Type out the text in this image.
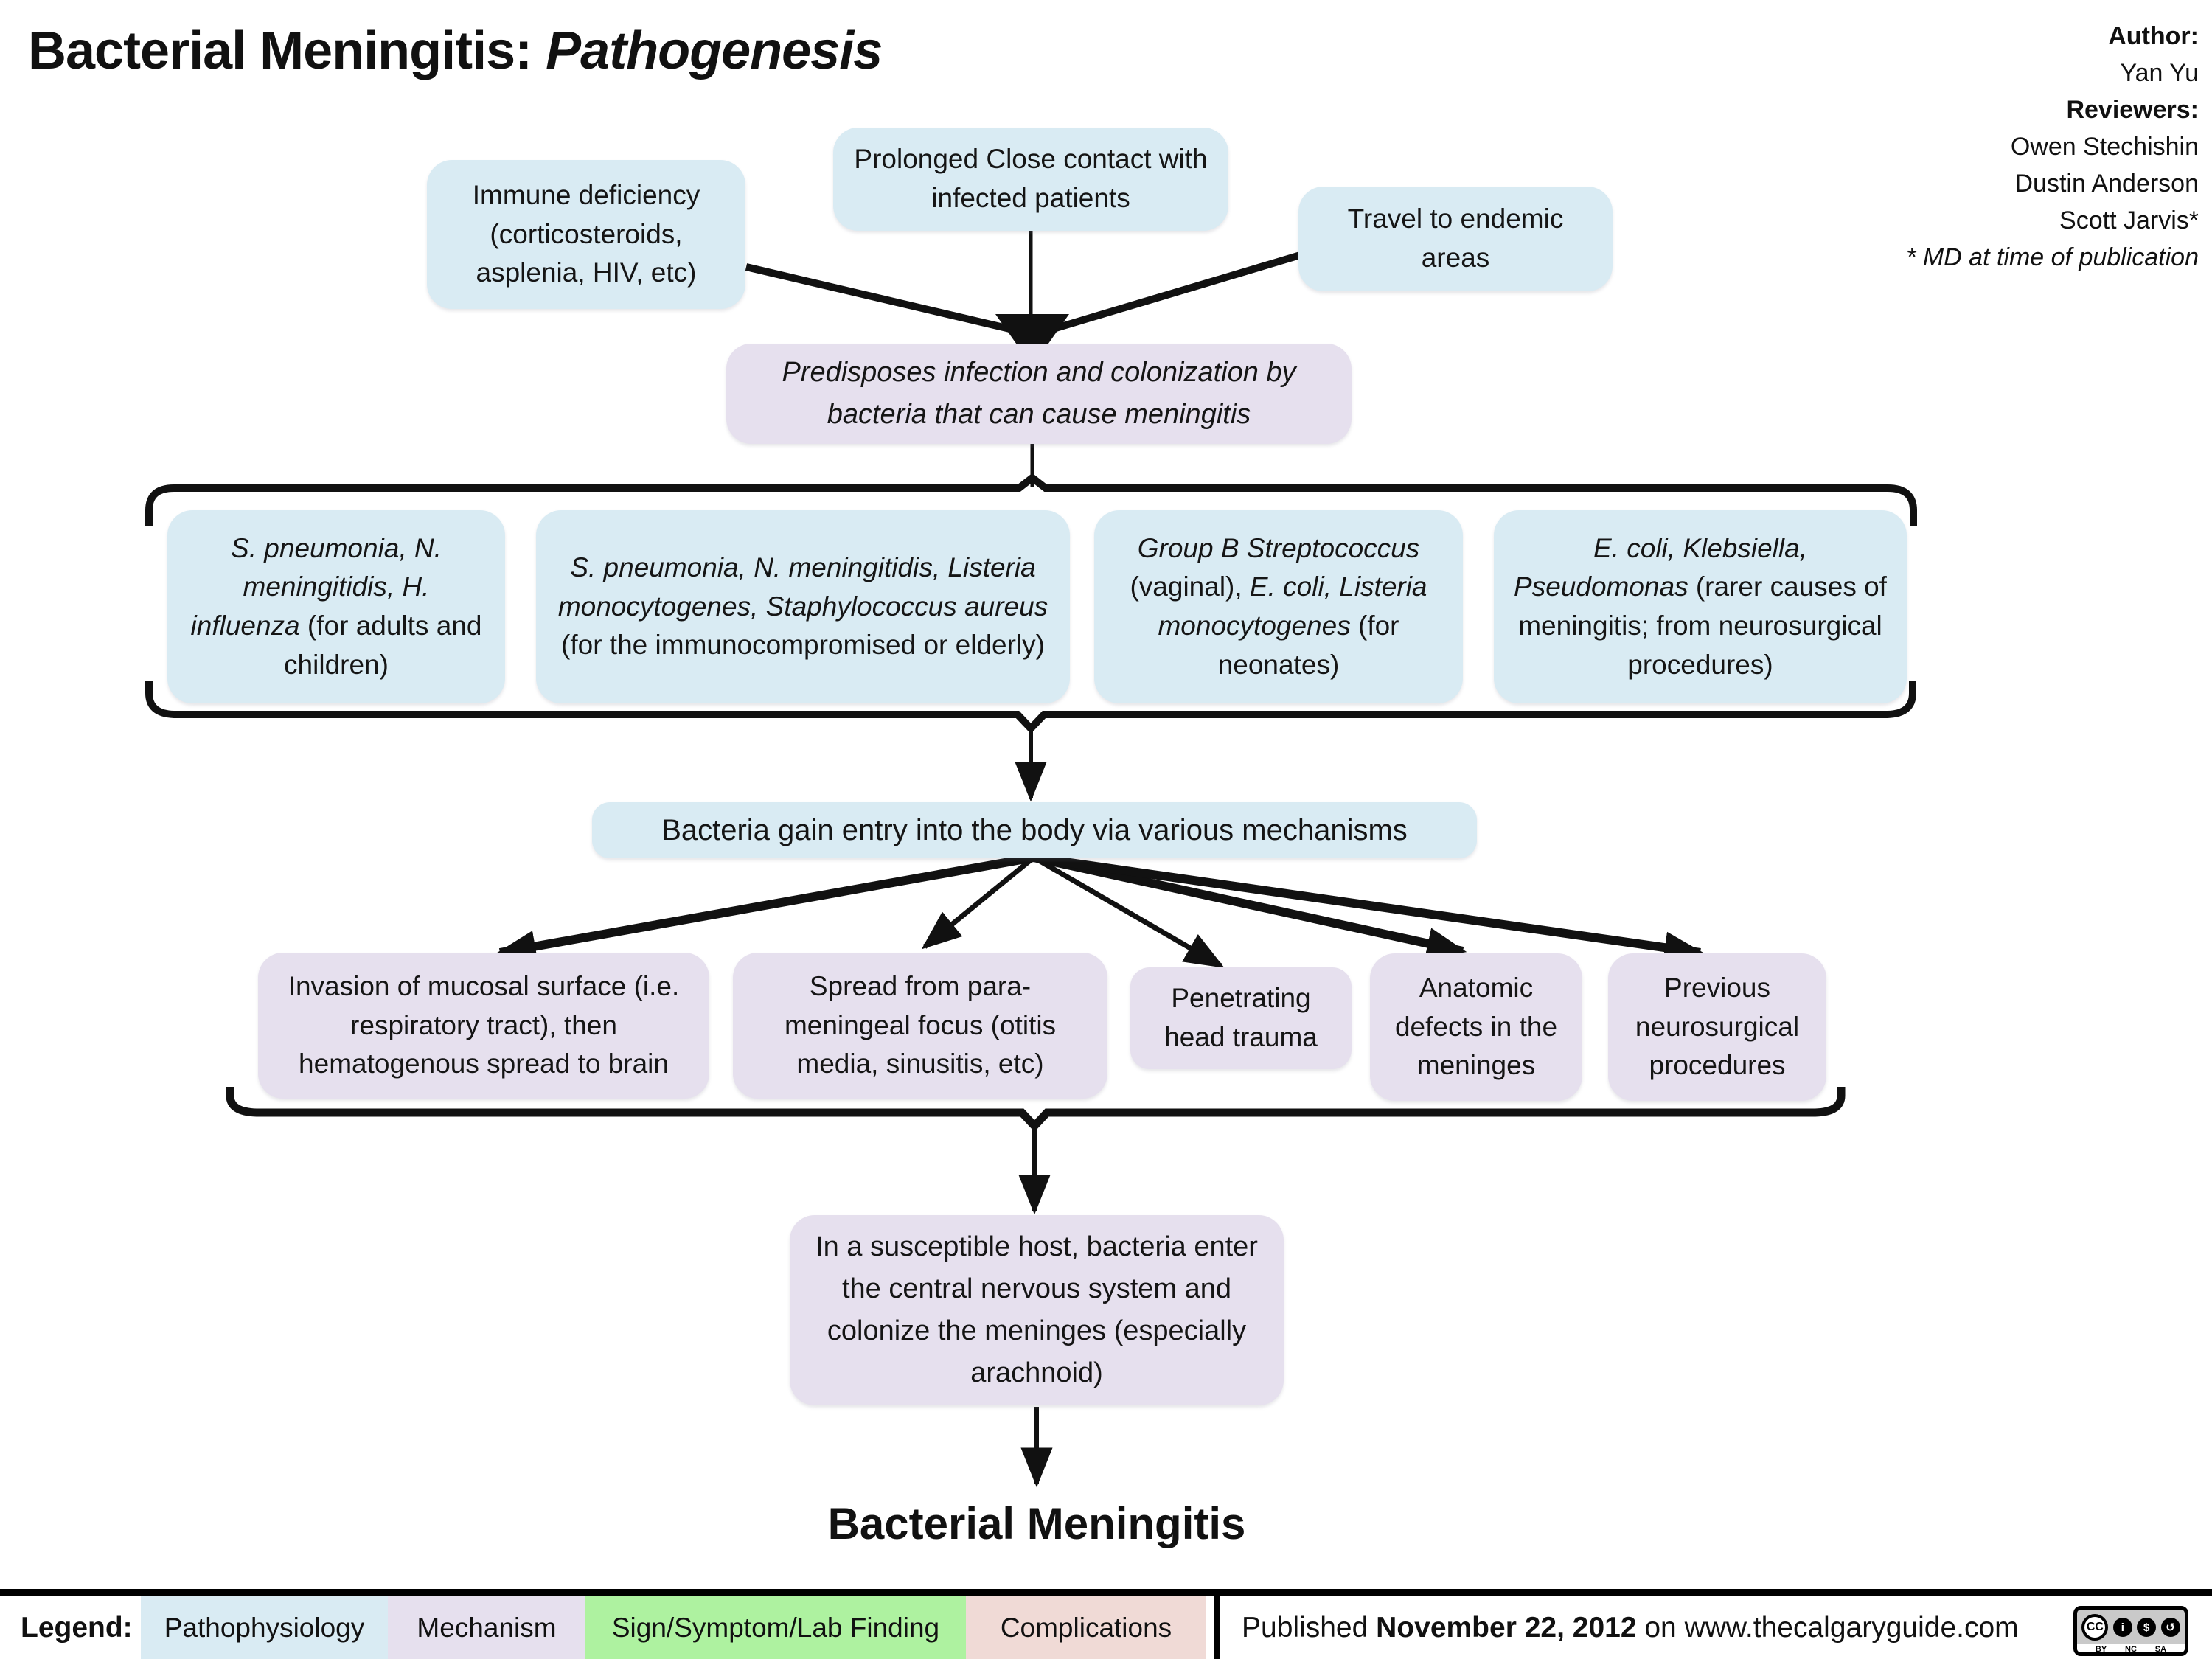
Bacterial Meningitis: Pathogenesis	Author:
Yan Yu
Reviewers:
Owen Stechishin
Dustin Anderson
Scott Jarvis*
* MD at time of publication
Immune deficiency (corticosteroids, asplenia, HIV, etc)
Prolonged Close contact with infected patients
Travel to endemic areas
Predisposes infection and colonization by bacteria that can cause meningitis
S. pneumonia, N. meningitidis, H. influenza (for adults and children)
S. pneumonia, N. meningitidis, Listeria monocytogenes, Staphylococcus aureus (for the immunocompromised or elderly)
Group B Streptococcus (vaginal), E. coli, Listeria monocytogenes (for neonates)
E. coli, Klebsiella, Pseudomonas (rarer causes of meningitis; from neurosurgical procedures)
Bacteria gain entry into the body via various mechanisms
Invasion of mucosal surface (i.e. respiratory tract), then hematogenous spread to brain
Spread from para-meningeal focus (otitis media, sinusitis, etc)
Penetrating head trauma
Anatomic defects in the meninges
Previous neurosurgical procedures
In a susceptible host, bacteria enter the central nervous system and colonize the meninges (especially arachnoid)
Bacterial Meningitis
Legend:	Pathophysiology	Mechanism	Sign/Symptom/Lab Finding	Complications	Published November 22, 2012 on www.thecalgaryguide.com	CC	i	$	↺
BY NC SA
